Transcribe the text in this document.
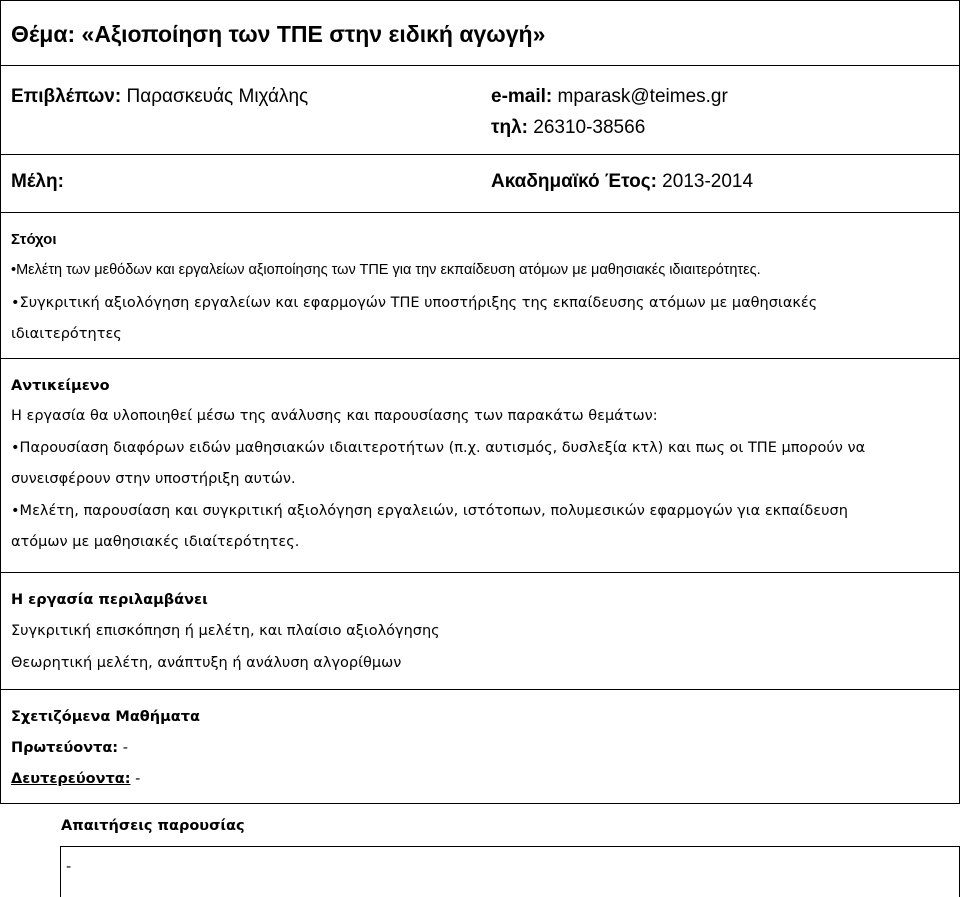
Θέμα: «Αξιοποίηση των ΤΠΕ στην ειδική αγωγή»
Επιβλέπων: Παρασκευάς Μιχάλης	e-mail: mparask@teimes.gr
τηλ: 26310-38566
Μέλη:	Ακαδημαϊκό Έτος: 2013-2014
Στόχοι
•Μελέτη των μεθόδων και εργαλείων αξιοποίησης των ΤΠΕ για την εκπαίδευση ατόμων με μαθησιακές ιδιαιτερότητες.
•Συγκριτική αξιολόγηση εργαλείων και εφαρμογών ΤΠΕ υποστήριξης της εκπαίδευσης ατόμων με μαθησιακές
ιδιαιτερότητες
Αντικείμενο
Η εργασία θα υλοποιηθεί μέσω της ανάλυσης και παρουσίασης των παρακάτω θεμάτων:
•Παρουσίαση διαφόρων ειδών μαθησιακών ιδιαιτεροτήτων (π.χ. αυτισμός, δυσλεξία κτλ) και πως οι ΤΠΕ μπορούν να
συνεισφέρουν στην υποστήριξη αυτών.
•Μελέτη, παρουσίαση και συγκριτική αξιολόγηση εργαλειών, ιστότοπων, πολυμεσικών εφαρμογών για εκπαίδευση
ατόμων με μαθησιακές ιδιαίτερότητες.
Η εργασία περιλαμβάνει
Συγκριτική επισκόπηση ή μελέτη, και πλαίσιο αξιολόγησης
Θεωρητική μελέτη, ανάπτυξη ή ανάλυση αλγορίθμων
Σχετιζόμενα Μαθήματα
Πρωτεύοντα: -
Δευτερεύοντα: -
Απαιτήσεις παρουσίας
-
